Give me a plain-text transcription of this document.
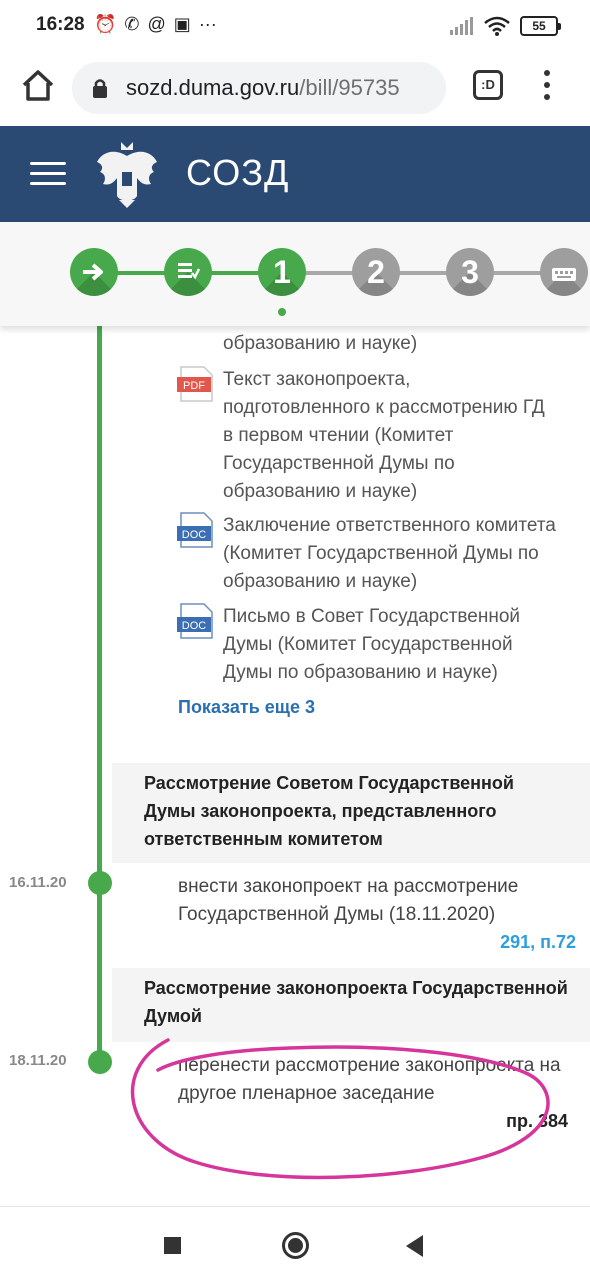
16:28 ⏰ ✆ @ ▣ ···	55
sozd.duma.gov.ru/bill/95735	:D
СОЗД
1	2	3
образованию и науке)
PDF Текст законопроекта, подготовленного к рассмотрению ГД в первом чтении (Комитет Государственной Думы по образованию и науке)
DOC Заключение ответственного комитета (Комитет Государственной Думы по образованию и науке)
DOC Письмо в Совет Государственной Думы (Комитет Государственной Думы по образованию и науке)
Показать еще 3
Рассмотрение Советом Государственной Думы законопроекта, представленного ответственным комитетом
16.11.20	внести законопроект на рассмотрение Государственной Думы (18.11.2020)
291, п.72
Рассмотрение законопроекта Государственной Думой
18.11.20	перенести рассмотрение законопроекта на другое пленарное заседание
пр. 384
